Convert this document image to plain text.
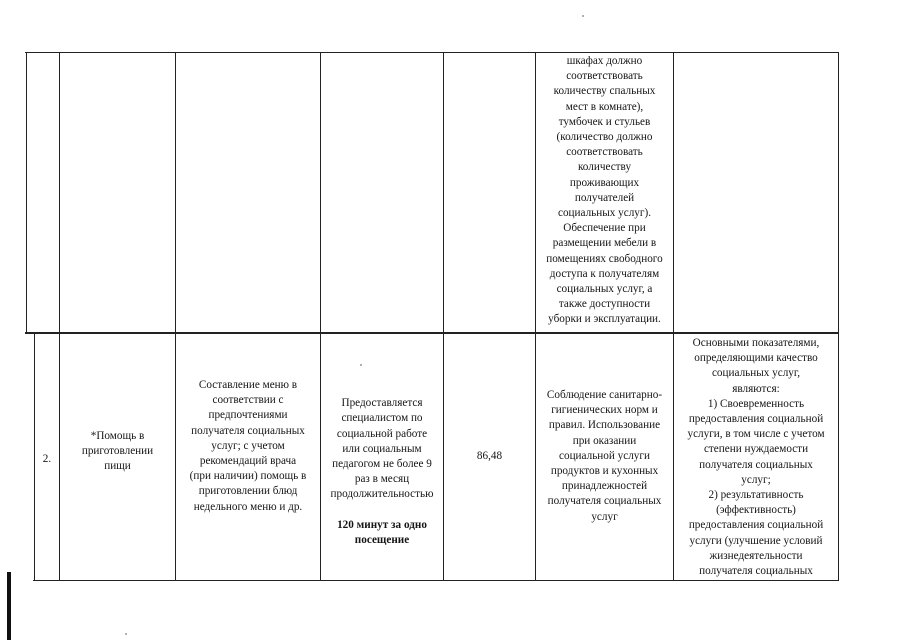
шкафах должно
соответствовать
количеству спальных
мест в комнате),
тумбочек и стульев
(количество должно
соответствовать
количеству
проживающих
получателей
социальных услуг).
Обеспечение при
размещении мебели в
помещениях свободного
доступа к получателям
социальных услуг, а
также доступности
уборки и эксплуатации.
2.
*Помощь в
приготовлении
пищи
Составление меню в
соответствии с
предпочтениями
получателя социальных
услуг; с учетом
рекомендаций врача
(при наличии) помощь в
приготовлении блюд
недельного меню и др.

Предоставляется
специалистом по
социальной работе
или социальным
педагогом не более 9
раз в месяц
продолжительностью

120 минут за одно
посещение

86,48
Соблюдение санитарно-
гигиенических норм и
правил. Использование
при оказании
социальной услуги
продуктов и кухонных
принадлежностей
получателя социальных
услуг
Основными показателями,
определяющими качество
социальных услуг,
являются:
1) Своевременность
предоставления социальной
услуги, в том числе с учетом
степени нуждаемости
получателя социальных
услуг;
2) результативность
(эффективность)
предоставления социальной
услуги (улучшение условий
жизнедеятельности
получателя социальных
